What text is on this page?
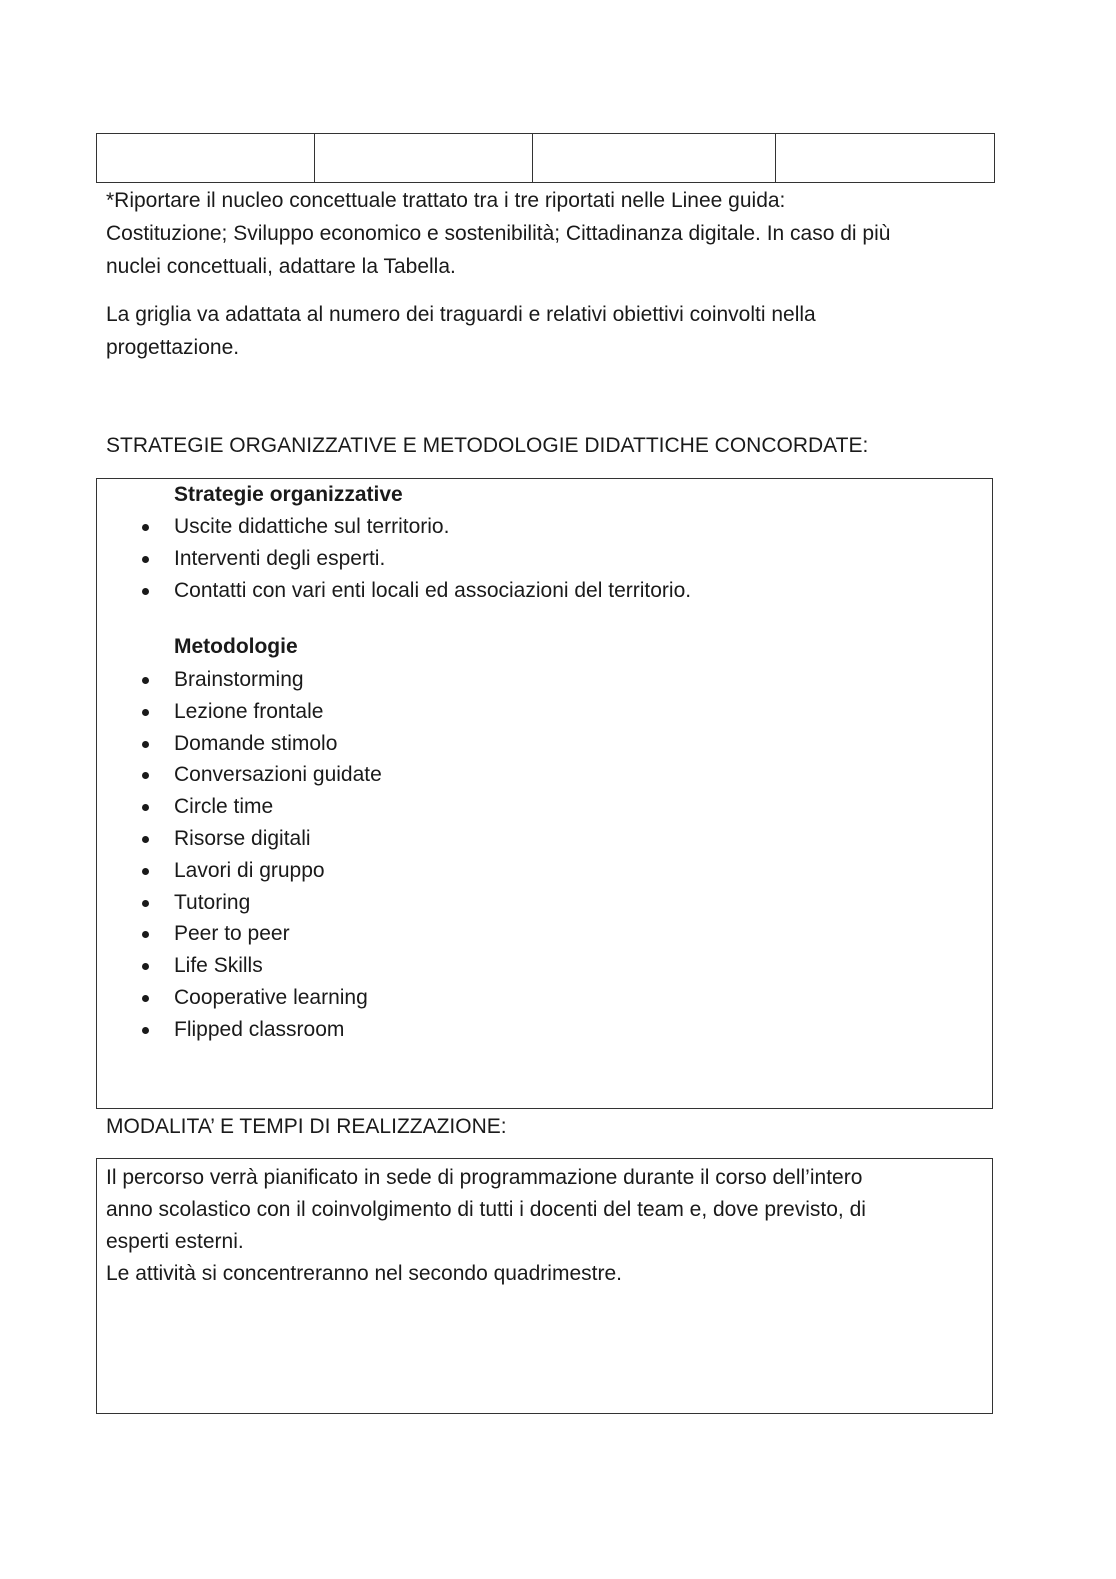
*Riportare il nucleo concettuale trattato tra i tre riportati nelle Linee guida:
Costituzione; Sviluppo economico e sostenibilità; Cittadinanza digitale. In caso di più
nuclei concettuali, adattare la Tabella.
La griglia va adattata al numero dei traguardi e relativi obiettivi coinvolti nella
progettazione.
STRATEGIE ORGANIZZATIVE E METODOLOGIE DIDATTICHE CONCORDATE:
Strategie organizzative
Uscite didattiche sul territorio.
Interventi degli esperti.
Contatti con vari enti locali ed associazioni del territorio.
Metodologie
Brainstorming
Lezione frontale
Domande stimolo
Conversazioni guidate
Circle time
Risorse digitali
Lavori di gruppo
Tutoring
Peer to peer
Life Skills
Cooperative learning
Flipped classroom
MODALITA’ E TEMPI DI REALIZZAZIONE:

Il percorso verrà pianificato in sede di programmazione durante il corso dell’intero

anno scolastico con il coinvolgimento di tutti i docenti del team e, dove previsto, di

esperti esterni.

Le attività si concentreranno nel secondo quadrimestre.
